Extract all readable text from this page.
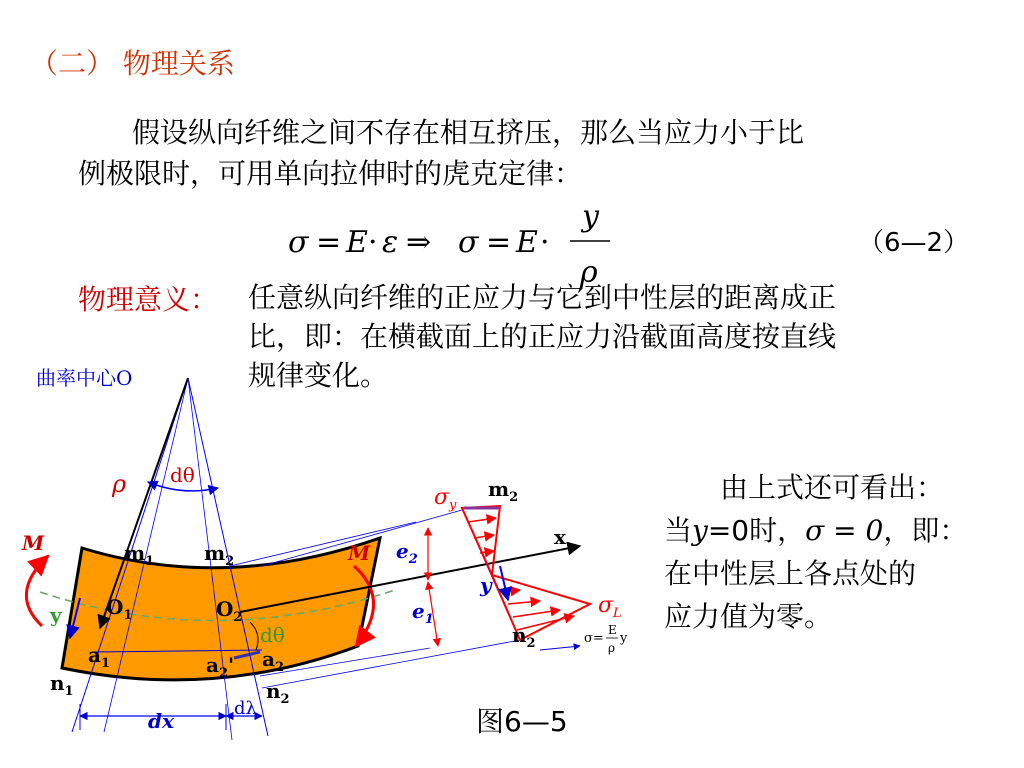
（二） 物理关系
假设纵向纤维之间不存在相互挤压，那么当应力小于比
例极限时，可用单向拉伸时的虎克定律：
σ = E · ε ⇒ σ = E ·
y
ρ
（6—2）
物理意义： 任意纵向纤维的正应力与它到中性层的距离成正
比，即：在横截面上的正应力沿截面高度按直线
规律变化。
曲率中心O
ρ dθ
M	M
$m_1$ $m_2$
$O_1$	$O_2$
y
dθ
$a_1$	$a_2'$ $a_2$
$n_1$	$n_2$
dx
dλ
$\sigma_y$
$m_2$
x
$e_2$
$e_1$
y
$\sigma_L$
$n_2$	σ=
E
ρ
y
由上式还可看出：
当y=0时，σ = 0，即：
在中性层上各点处的
应力值为零。
图6—5
